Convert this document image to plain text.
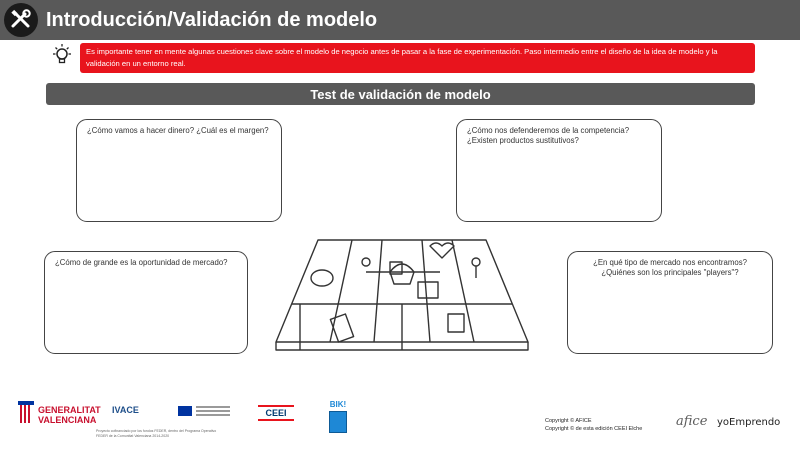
Introducción/Validación de modelo
Es importante tener en mente algunas cuestiones clave sobre el modelo de negocio antes de pasar a la fase de experimentación. Paso intermedio entre el diseño de la idea de modelo y la validación en un entorno real.
Test de validación de modelo
¿Cómo vamos a hacer dinero? ¿Cuál es el margen?	¿Cómo nos defenderemos de la competencia?
¿Existen productos sustitutivos?
¿Cómo de grande es la oportunidad de mercado?	¿En qué tipo de mercado nos encontramos?
¿Quiénes son los principales "players"?
GENERALITAT
VALENCIANA
IVACE
Proyecto cofinanciado por los fondos FEDER, dentro del Programa Operativo FEDER de la Comunitat Valenciana 2014-2020
CEEI
BIK!
Copyright © AFICE
Copyright © de esta edición CEEI Elche	afice yoEmprendo
